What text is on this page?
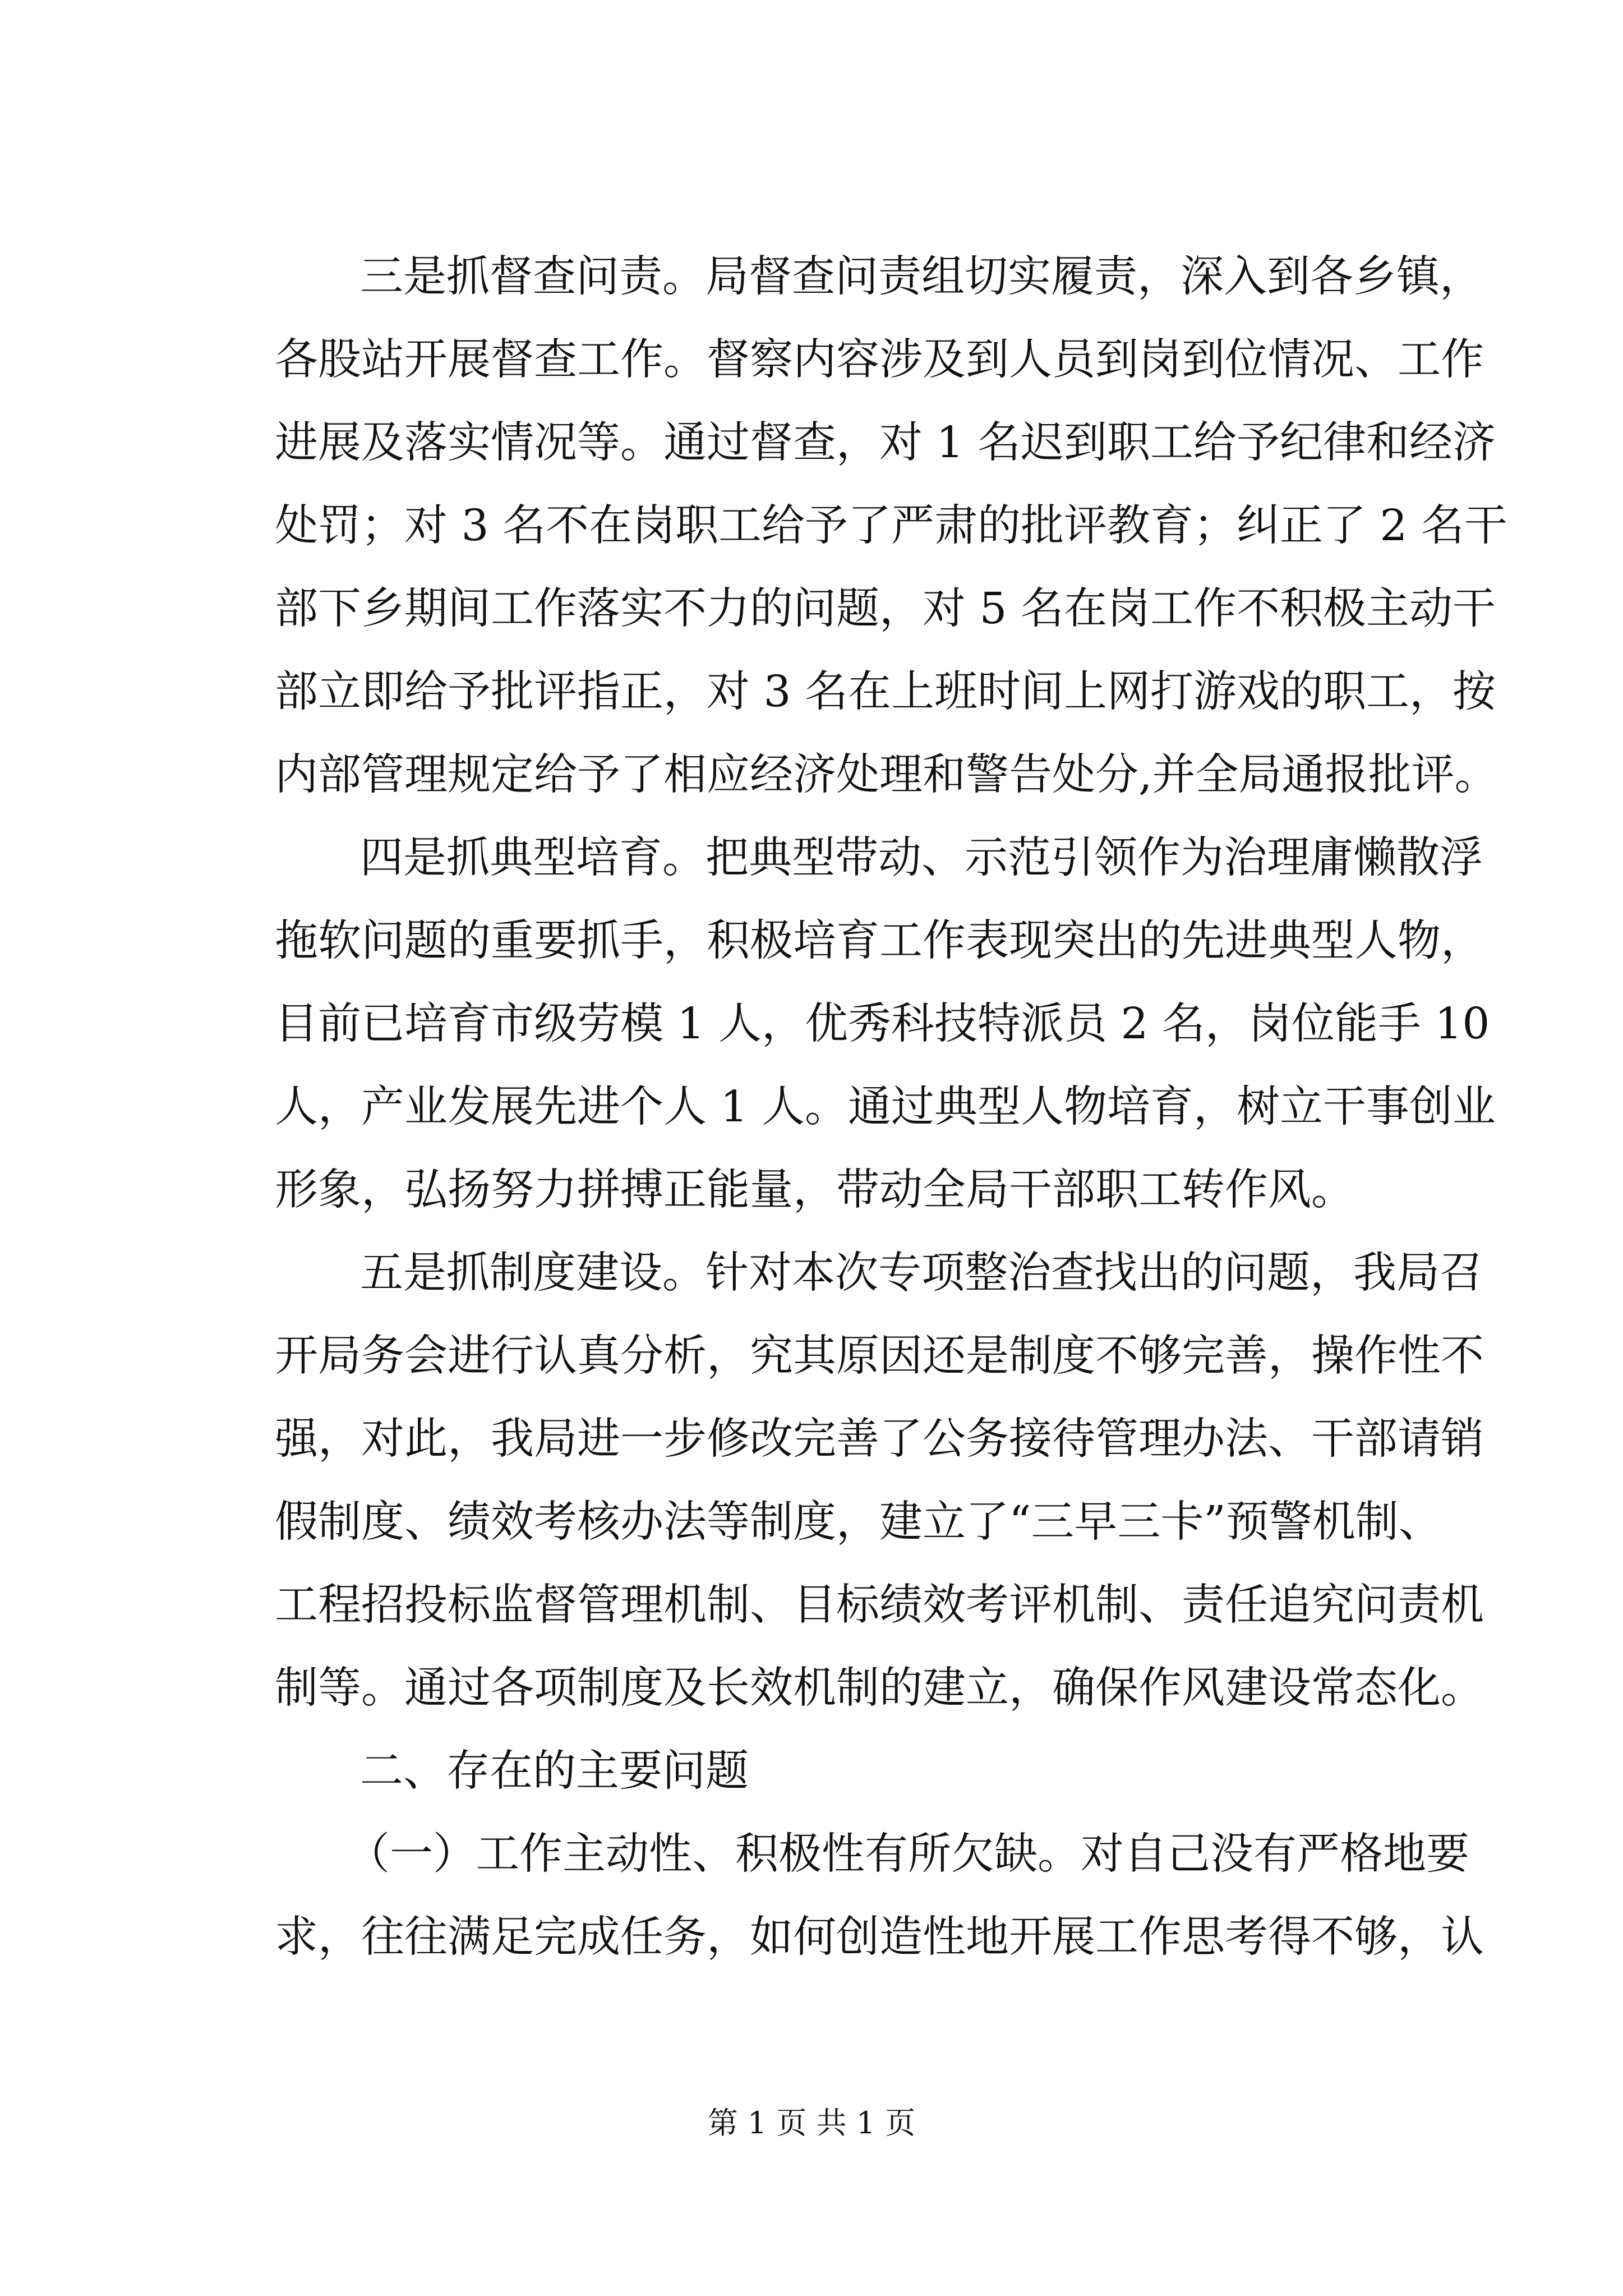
三是抓督查问责。局督查问责组切实履责，深入到各乡镇，
各股站开展督查工作。督察内容涉及到人员到岗到位情况、工作
进展及落实情况等。通过督查，对 1 名迟到职工给予纪律和经济
处罚；对 3 名不在岗职工给予了严肃的批评教育；纠正了 2 名干
部下乡期间工作落实不力的问题，对 5 名在岗工作不积极主动干
部立即给予批评指正，对 3 名在上班时间上网打游戏的职工，按
内部管理规定给予了相应经济处理和警告处分,并全局通报批评。
四是抓典型培育。把典型带动、示范引领作为治理庸懒散浮
拖软问题的重要抓手，积极培育工作表现突出的先进典型人物，
目前已培育市级劳模 1 人，优秀科技特派员 2 名，岗位能手 10
人，产业发展先进个人 1 人。通过典型人物培育，树立干事创业
形象，弘扬努力拼搏正能量，带动全局干部职工转作风。
五是抓制度建设。针对本次专项整治查找出的问题，我局召
开局务会进行认真分析，究其原因还是制度不够完善，操作性不
强，对此，我局进一步修改完善了公务接待管理办法、干部请销
假制度、绩效考核办法等制度，建立了“三早三卡”预警机制、
工程招投标监督管理机制、目标绩效考评机制、责任追究问责机
制等。通过各项制度及长效机制的建立，确保作风建设常态化。
二、存在的主要问题
（一）工作主动性、积极性有所欠缺。对自己没有严格地要
求，往往满足完成任务，如何创造性地开展工作思考得不够，认
第 1 页 共 1 页
